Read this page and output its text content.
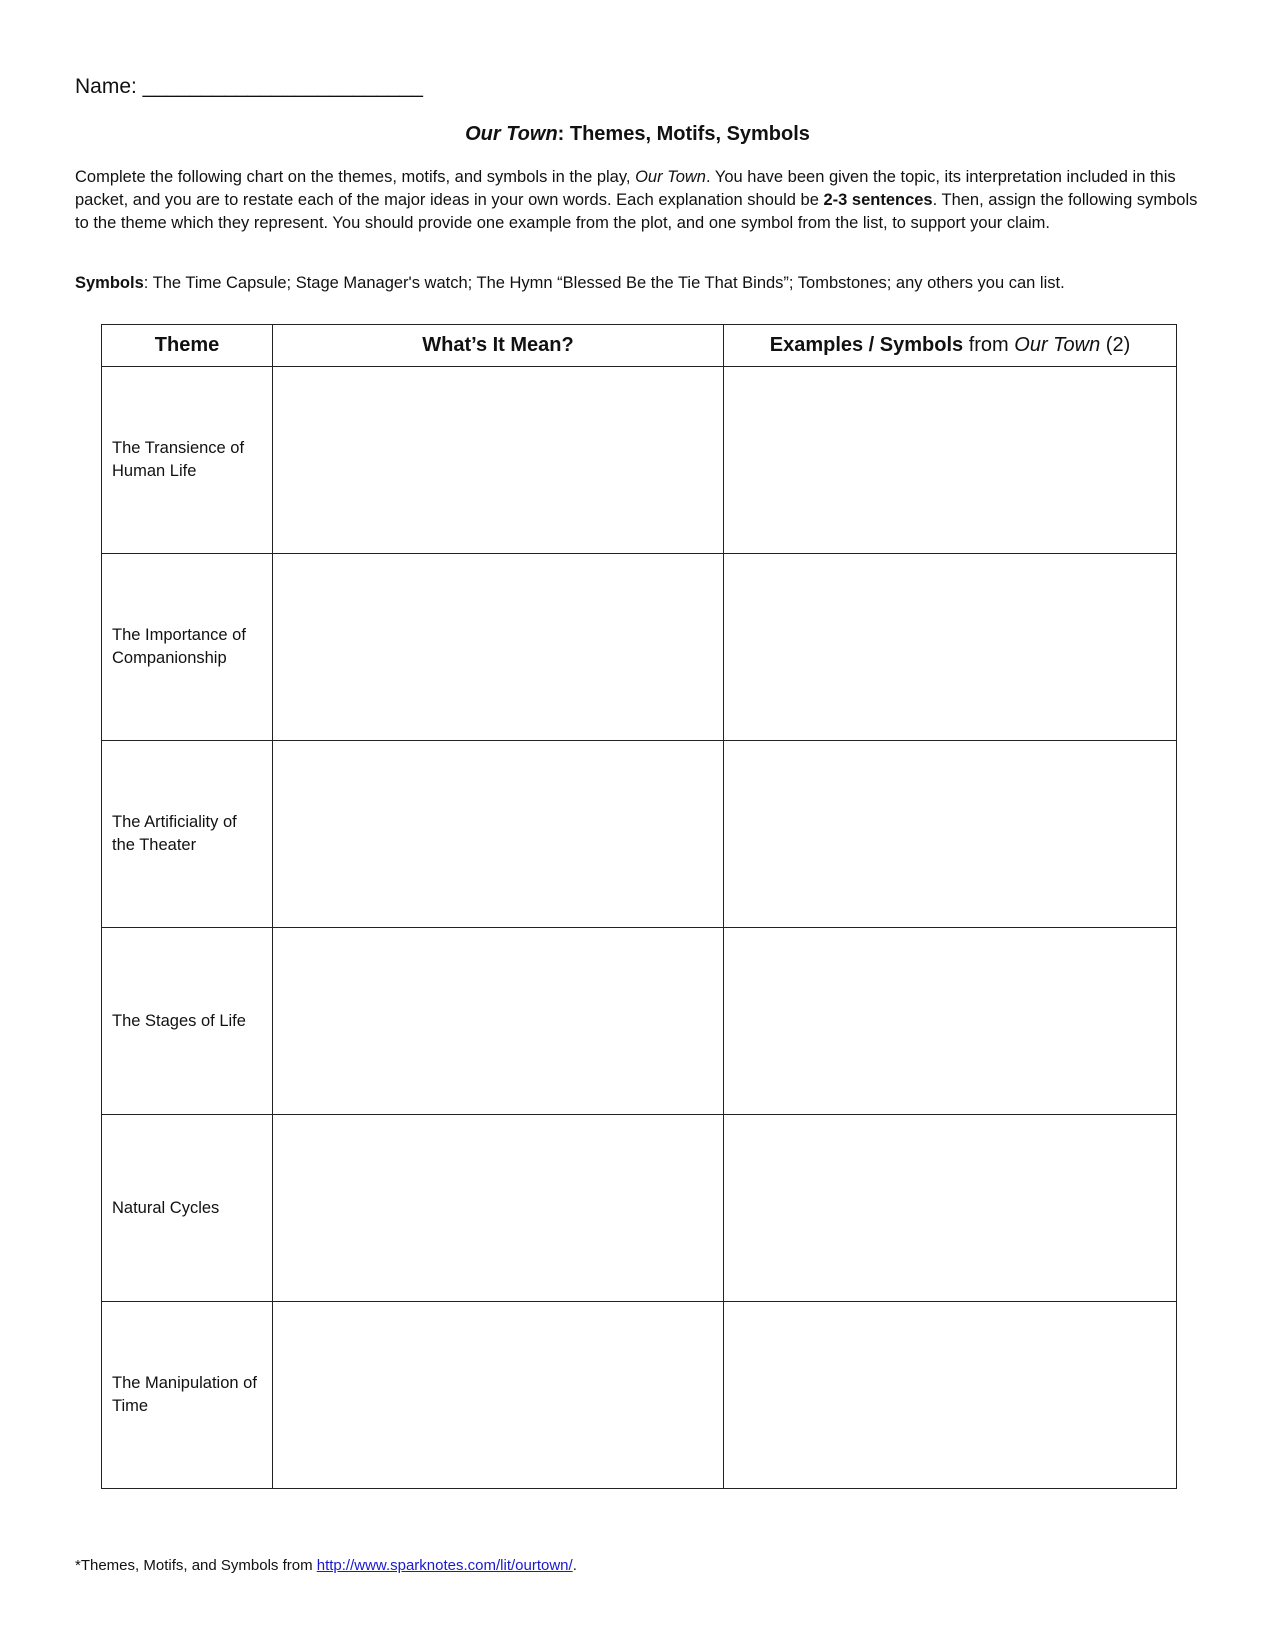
Name: ________________________
Our Town: Themes, Motifs, Symbols
Complete the following chart on the themes, motifs, and symbols in the play, Our Town. You have been given the topic, its interpretation included in this packet, and you are to restate each of the major ideas in your own words. Each explanation should be 2-3 sentences. Then, assign the following symbols to the theme which they represent. You should provide one example from the plot, and one symbol from the list, to support your claim.
Symbols: The Time Capsule; Stage Manager's watch; The Hymn “Blessed Be the Tie That Binds”; Tombstones; any others you can list.
Theme	What’s It Mean?	Examples / Symbols from Our Town (2)
The Transience of Human Life		
The Importance of Companionship		
The Artificiality of the Theater		
The Stages of Life		
Natural Cycles		
The Manipulation of Time		
*Themes, Motifs, and Symbols from http://www.sparknotes.com/lit/ourtown/.
